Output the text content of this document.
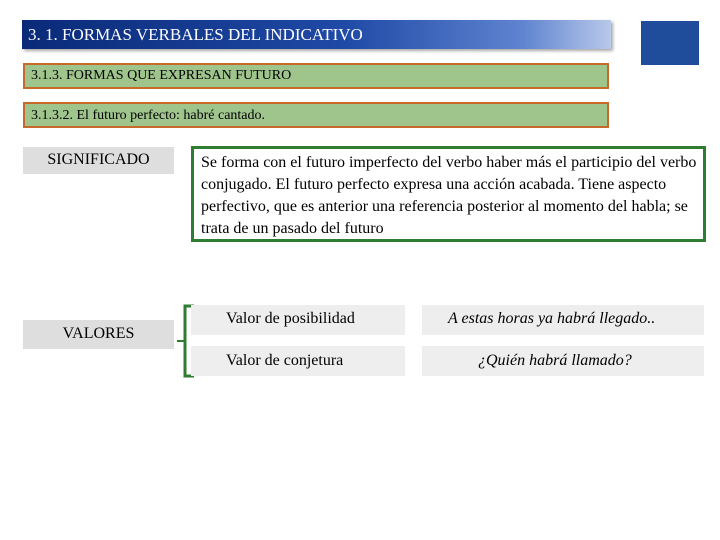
3. 1. FORMAS VERBALES DEL INDICATIVO
3.1.3. FORMAS QUE EXPRESAN FUTURO
3.1.3.2. El futuro perfecto: habré cantado.
SIGNIFICADO	Se forma con el futuro imperfecto del verbo haber más el participio del verbo conjugado. El futuro perfecto expresa una acción acabada. Tiene aspecto perfectivo, que es anterior una referencia posterior al momento del habla; se trata de un pasado del futuro
VALORES
Valor de posibilidad	A estas horas ya habrá llegado..
Valor de conjetura	¿Quién habrá llamado?
